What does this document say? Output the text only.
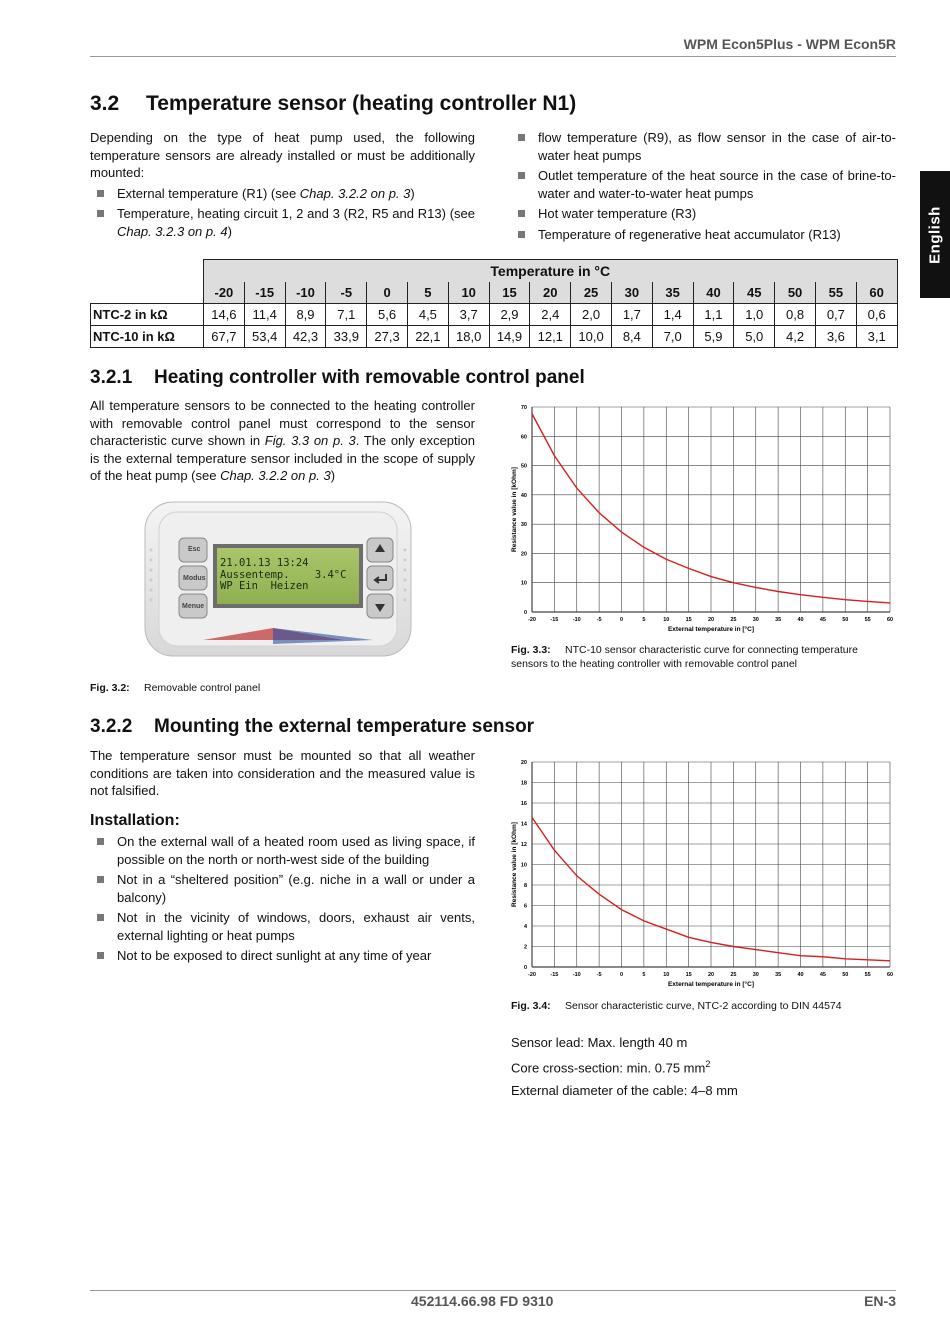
WPM Econ5Plus - WPM Econ5R
English
3.2 Temperature sensor (heating controller N1)

Depending on the type of heat pump used, the following temperature sensors are already installed or must be additionally mounted:

External temperature (R1) (see Chap. 3.2.2 on p. 3)
Temperature, heating circuit 1, 2 and 3 (R2, R5 and R13) (see Chap. 3.2.3 on p. 4)
flow temperature (R9), as flow sensor in the case of air-to-water heat pumps
Outlet temperature of the heat source in the case of brine-to-water and water-to-water heat pumps
Hot water temperature (R3)
Temperature of regenerative heat accumulator (R13)
	Temperature in °C																
	-20	-15	-10	-5	0	5	10	15	20	25	30	35	40	45	50	55	60
NTC-2 in kΩ	14,6	11,4	8,9	7,1	5,6	4,5	3,7	2,9	2,4	2,0	1,7	1,4	1,1	1,0	0,8	0,7	0,6
NTC-10 in kΩ	67,7	53,4	42,3	33,9	27,3	22,1	18,0	14,9	12,1	10,0	8,4	7,0	5,9	5,0	4,2	3,6	3,1
3.2.1 Heating controller with removable control panel

All temperature sensors to be connected to the heating controller with removable control panel must correspond to the sensor characteristic curve shown in Fig. 3.3 on p. 3. The only exception is the external temperature sensor included in the scope of supply of the heat pump (see Chap. 3.2.2 on p. 3)

Esc
Modus
Menue
21.01.13 13:24
Aussentemp.    3.4°C
WP Ein  Heizen
0
10
20
30
40
50
60
70
-20	-15	-10	-5	0	5	10	15	20	25	30	35	40	45	50	55	60
External temperature in [°C]
Resistance value in [kOhm]

Fig. 3.3: NTC-10 sensor characteristic curve for connecting temperature sensors to the heating controller with removable control panel

Fig. 3.2: Removable control panel

3.2.2 Mounting the external temperature sensor

The temperature sensor must be mounted so that all weather conditions are taken into consideration and the measured value is not falsified.

Installation:
On the external wall of a heated room used as living space, if possible on the north or north-west side of the building
Not in a “sheltered position” (e.g. niche in a wall or under a balcony)
Not in the vicinity of windows, doors, exhaust air vents, external lighting or heat pumps
Not to be exposed to direct sunlight at any time of year
0
2
4
6
8
10
12
14
16
18
20
-20	-15	-10	-5	0	5	10	15	20	25	30	35	40	45	50	55	60
External temperature in [°C]
Resistance value in [kOhm]

Fig. 3.4: Sensor characteristic curve, NTC-2 according to DIN 44574

Sensor lead: Max. length 40 m
Core cross-section: min. 0.75 $mm^2$
External diameter of the cable: 4–8 mm
452114.66.98 FD 9310	EN-3
